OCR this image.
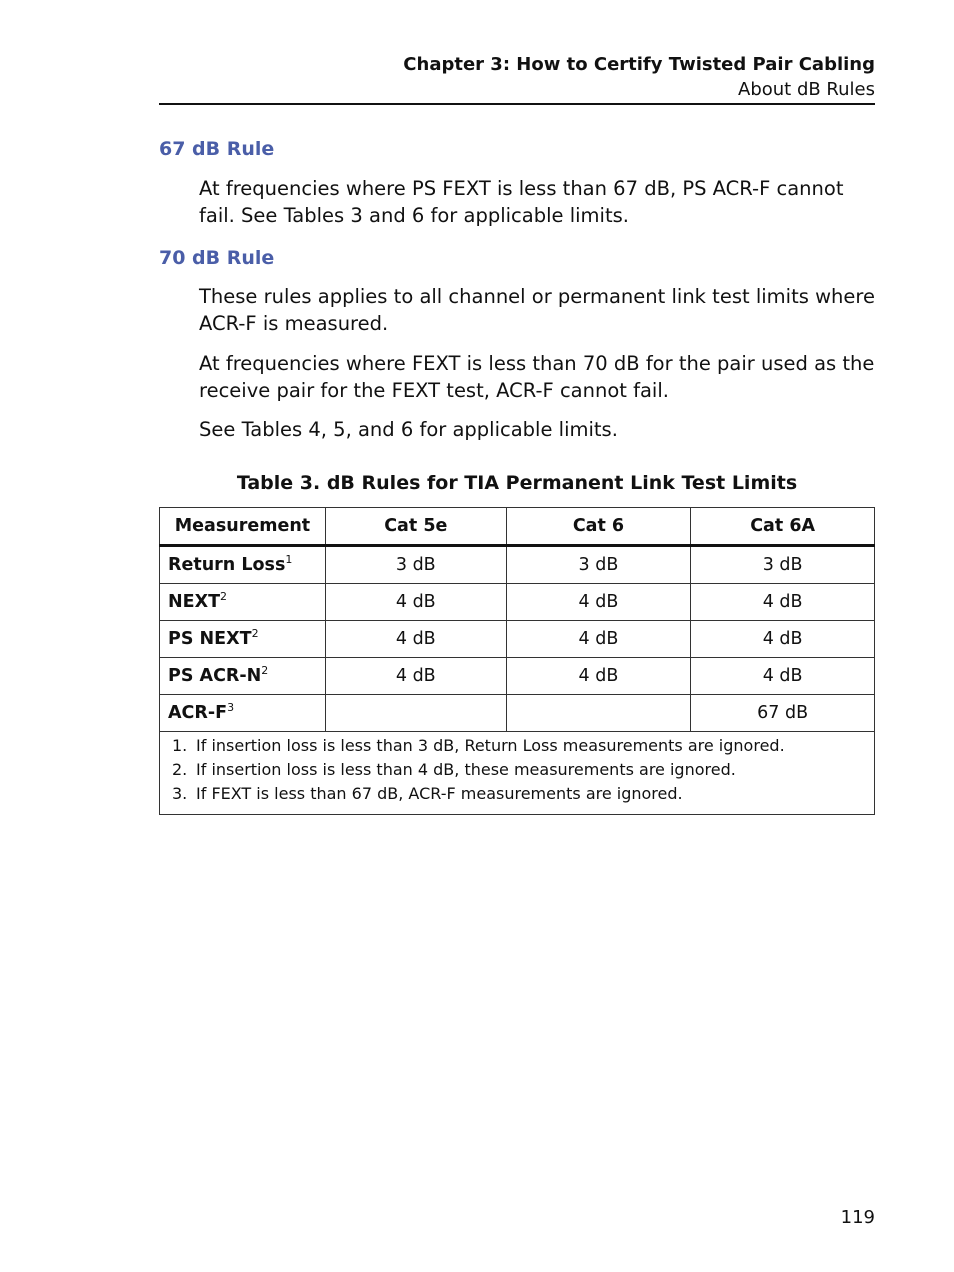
Chapter 3: How to Certify Twisted Pair Cabling
About dB Rules
67 dB Rule

At frequencies where PS FEXT is less than 67 dB, PS ACR-F cannot fail. See Tables 3 and 6 for applicable limits.

70 dB Rule

These rules applies to all channel or permanent link test limits where ACR-F is measured.

At frequencies where FEXT is less than 70 dB for the pair used as the receive pair for the FEXT test, ACR-F cannot fail.

See Tables 4, 5, and 6 for applicable limits.

Table 3. dB Rules for TIA Permanent Link Test Limits
Measurement	Cat 5e	Cat 6	Cat 6A
Return Loss$^1$	3 dB	3 dB	3 dB
NEXT$^2$	4 dB	4 dB	4 dB
PS NEXT$^2$	4 dB	4 dB	4 dB
PS ACR-$N^2$	4 dB	4 dB	4 dB
ACR-$F^3$			67 dB

1. If insertion loss is less than 3 dB, Return Loss measurements are ignored.
2. If insertion loss is less than 4 dB, these measurements are ignored.
3. If FEXT is less than 67 dB, ACR-F measurements are ignored.			
119
